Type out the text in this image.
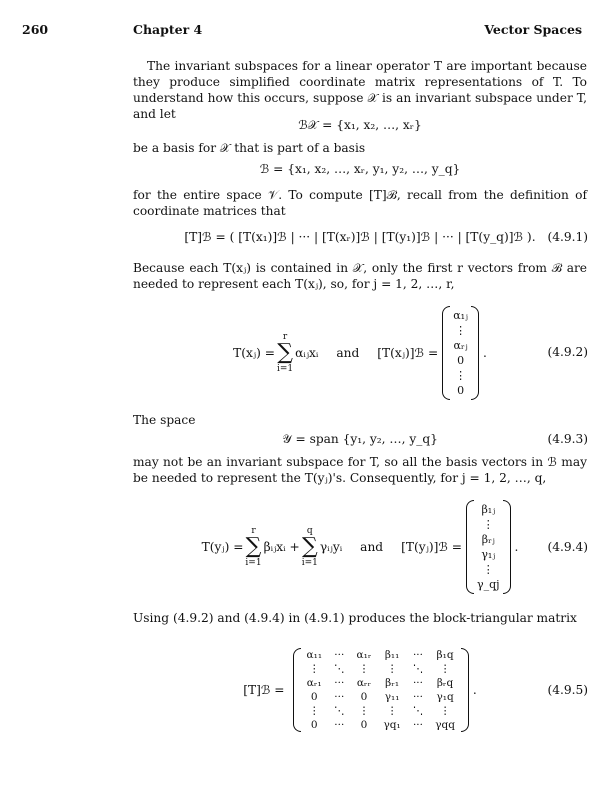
260	Chapter 4	Vector Spaces
The invariant subspaces for a linear operator T are important because they produce simplified coordinate matrix representations of T. To understand how this occurs, suppose 𝒳 is an invariant subspace under T, and let
ℬ𝒳 = {x₁, x₂, …, xᵣ}
be a basis for 𝒳 that is part of a basis
ℬ = {x₁, x₂, …, xᵣ, y₁, y₂, …, y_q}
for the entire space 𝒱. To compute [T]ℬ, recall from the definition of coordinate matrices that
[T]ℬ = ( [T(x₁)]ℬ | ··· | [T(xᵣ)]ℬ | [T(y₁)]ℬ | ··· | [T(y_q)]ℬ ). (4.9.1)
Because each T(xⱼ) is contained in 𝒳, only the first r vectors from ℬ are needed to represent each T(xⱼ), so, for j = 1, 2, …, r,
T(xⱼ) =
r
∑
i=1
αᵢⱼxᵢ and [T(xⱼ)]ℬ =
α₁ⱼ
⋮
αᵣⱼ
0
⋮
0
.	(4.9.2)
The space
𝒴 = span {y₁, y₂, …, y_q}	(4.9.3)
may not be an invariant subspace for T, so all the basis vectors in ℬ may be needed to represent the T(yⱼ)'s. Consequently, for j = 1, 2, …, q,
T(yⱼ) =
r
∑
i=1
βᵢⱼxᵢ +
q
∑
i=1
γᵢⱼyᵢ and [T(yⱼ)]ℬ =
β₁ⱼ
⋮
βᵣⱼ
γ₁ⱼ
⋮
γ_qj
. (4.9.4)
Using (4.9.2) and (4.9.4) in (4.9.1) produces the block-triangular matrix
[T]ℬ =
α₁₁	···	α₁ᵣ	β₁₁	···	β₁q
⋮	⋱	⋮	⋮	⋱	⋮
αᵣ₁	···	αᵣᵣ	βᵣ₁	···	βᵣq
0	···	0	γ₁₁	···	γ₁q
⋮	⋱	⋮	⋮	⋱	⋮
0	···	0	γq₁	···	γqq
.	(4.9.5)
